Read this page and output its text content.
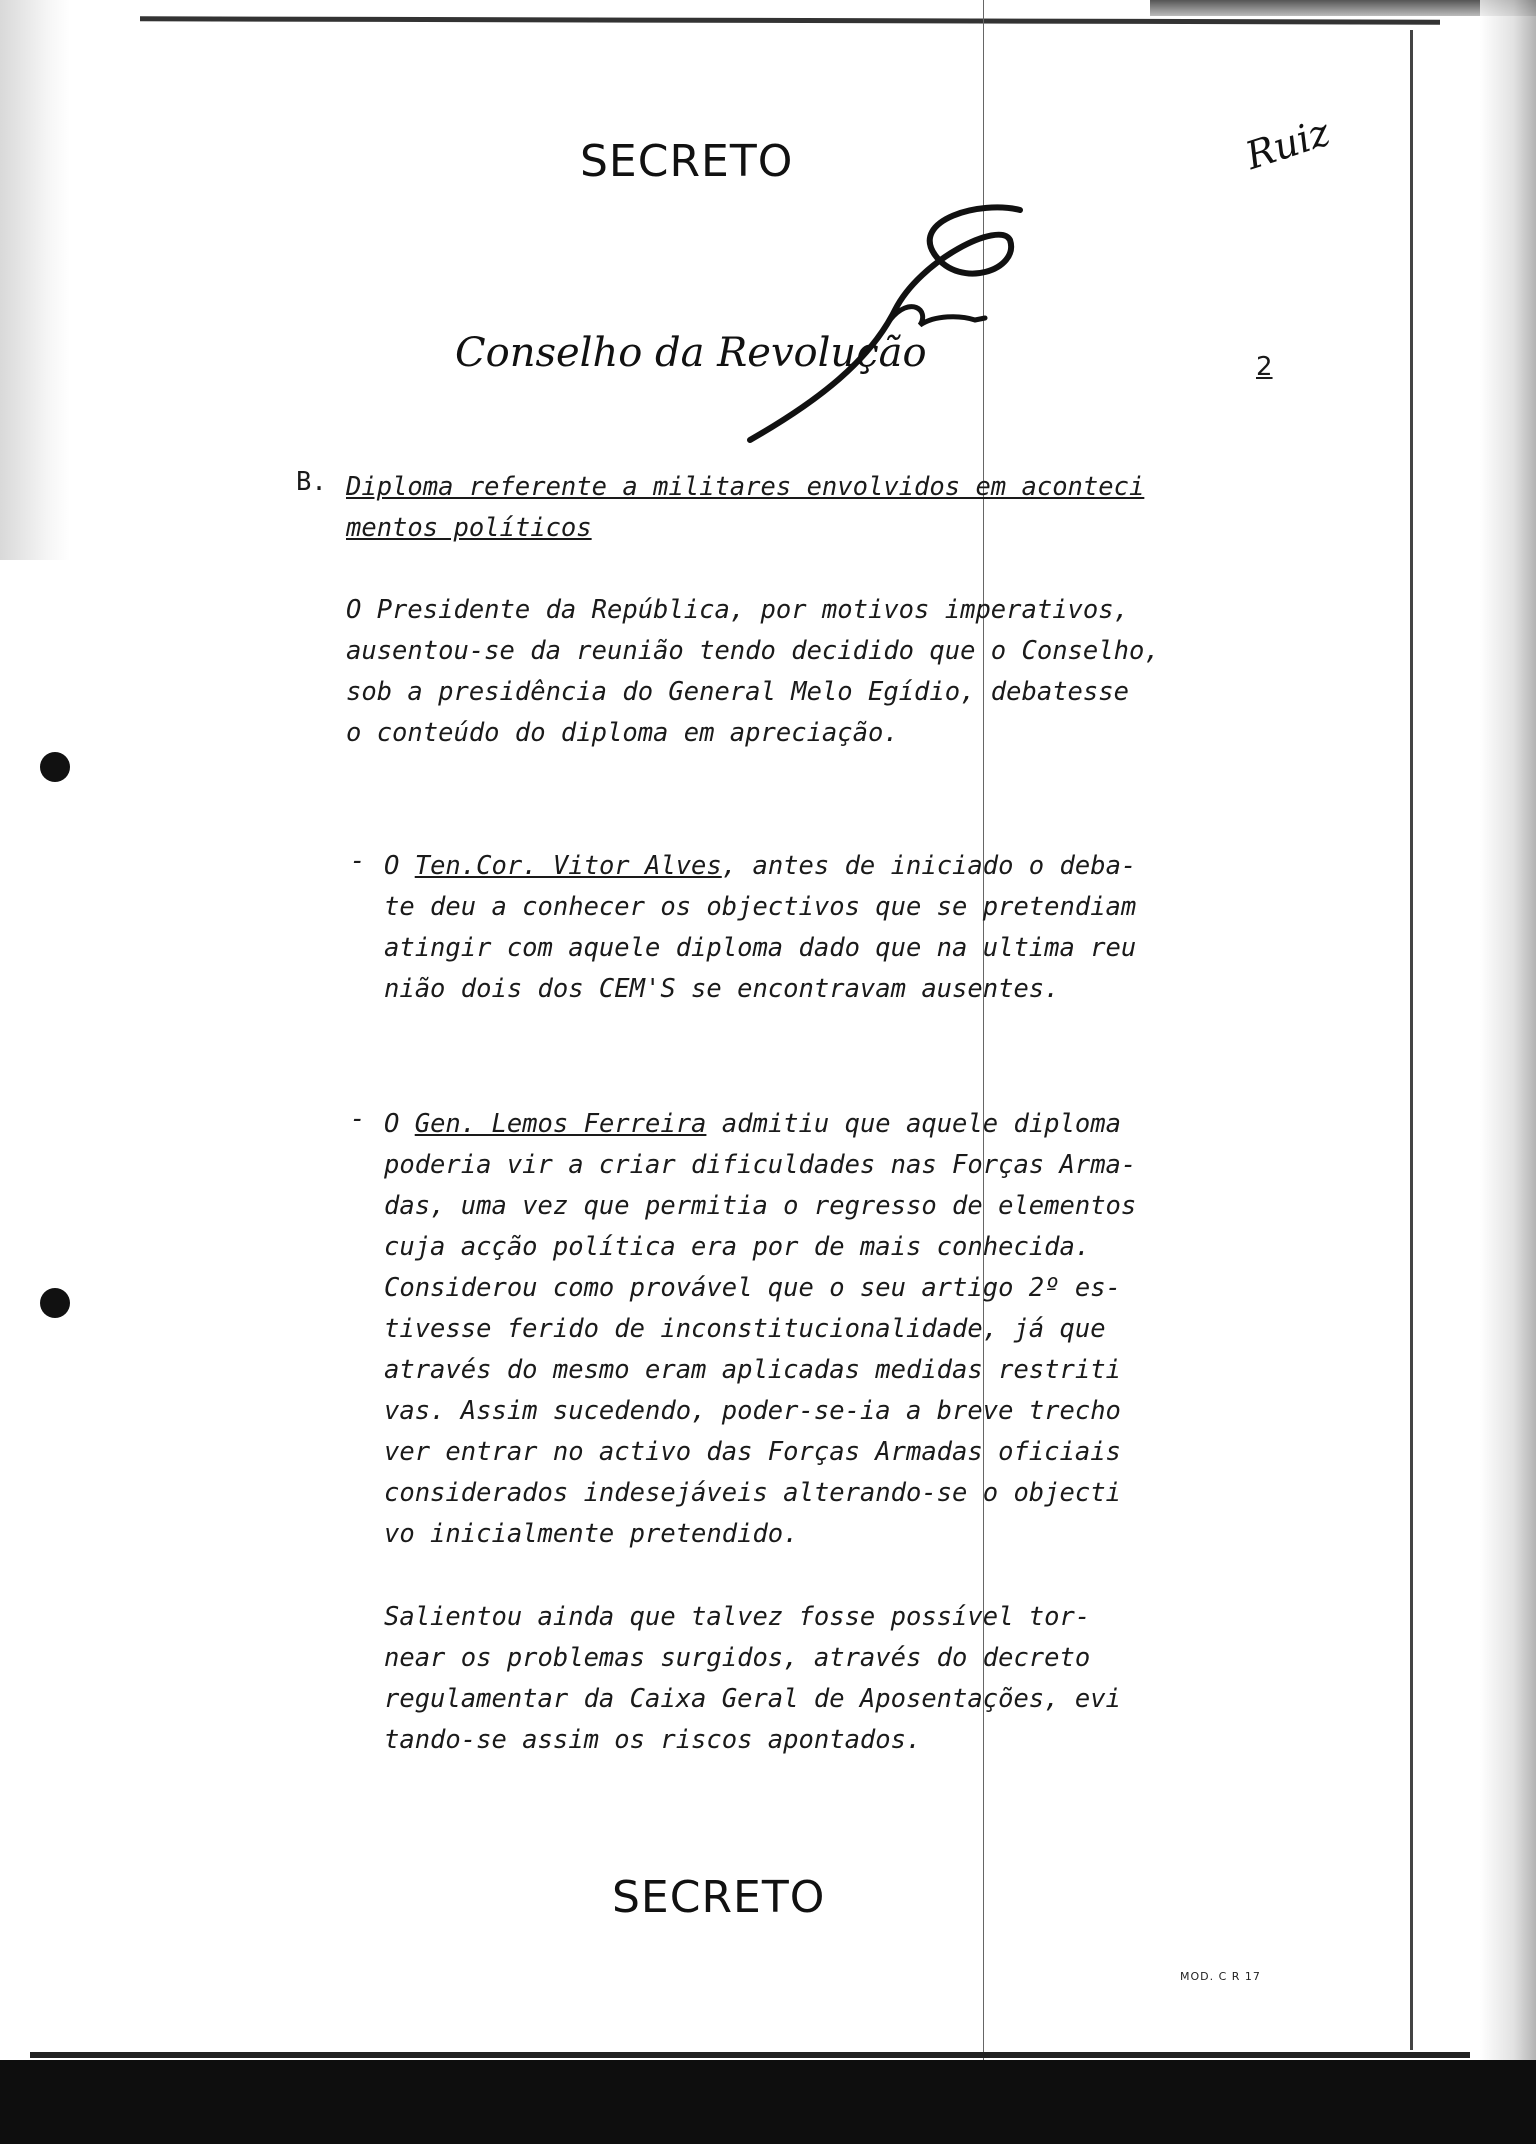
SECRETO	Ruiz
Conselho da Revolução	2
B. Diploma referente a militares envolvidos em aconteci
mentos políticos
O Presidente da República, por motivos imperativos,
ausentou-se da reunião tendo decidido que o Conselho,
sob a presidência do General Melo Egídio, debatesse
o conteúdo do diploma em apreciação.
- O Ten.Cor. Vitor Alves, antes de iniciado o deba-
te deu a conhecer os objectivos que se pretendiam
atingir com aquele diploma dado que na ultima reu
nião dois dos CEM'S se encontravam ausentes.
- O Gen. Lemos Ferreira admitiu que aquele diploma
poderia vir a criar dificuldades nas Forças Arma-
das, uma vez que permitia o regresso de elementos
cuja acção política era por de mais conhecida.
Considerou como provável que o seu artigo 2º es-
tivesse ferido de inconstitucionalidade, já que
através do mesmo eram aplicadas medidas restriti
vas. Assim sucedendo, poder-se-ia a breve trecho
ver entrar no activo das Forças Armadas oficiais
considerados indesejáveis alterando-se o objecti
vo inicialmente pretendido.
Salientou ainda que talvez fosse possível tor-
near os problemas surgidos, através do decreto
regulamentar da Caixa Geral de Aposentações, evi
tando-se assim os riscos apontados.
SECRETO
MOD. C R 17
